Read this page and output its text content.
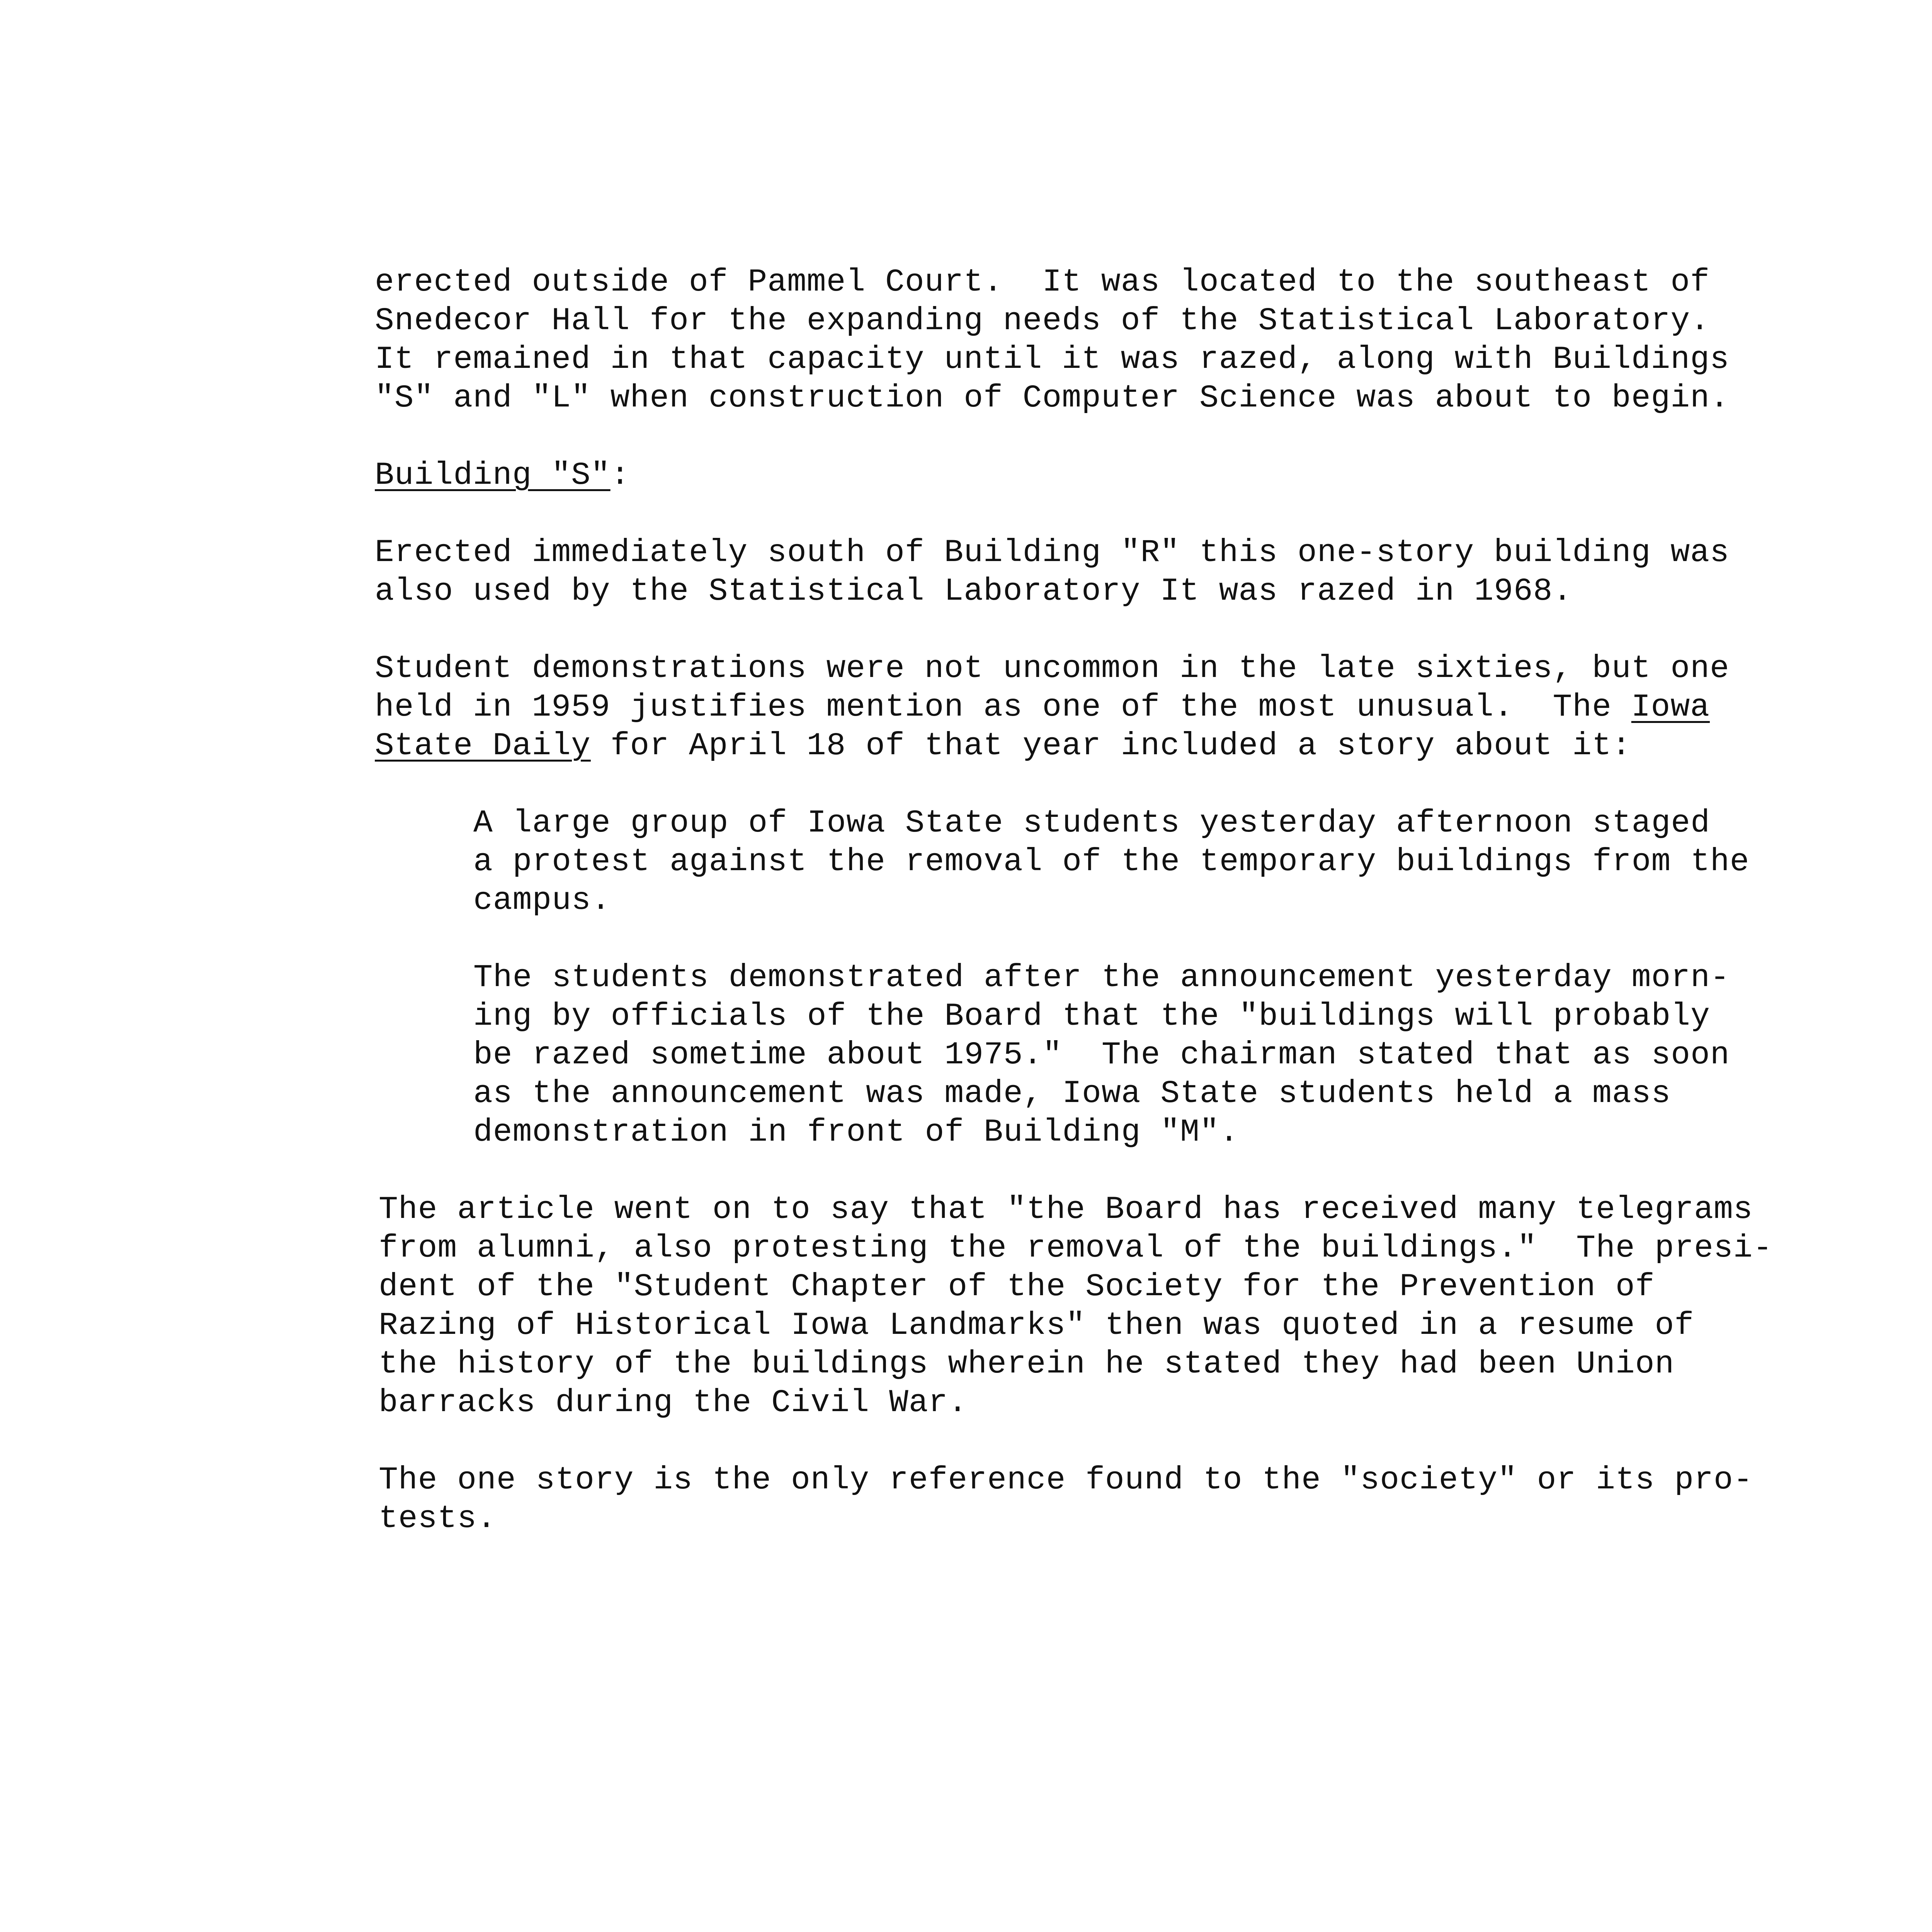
erected outside of Pammel Court.  It was located to the southeast of
Snedecor Hall for the expanding needs of the Statistical Laboratory.
It remained in that capacity until it was razed, along with Buildings
"S" and "L" when construction of Computer Science was about to begin.
Building "S":
Erected immediately south of Building "R" this one-story building was
also used by the Statistical Laboratory It was razed in 1968.
Student demonstrations were not uncommon in the late sixties, but one
held in 1959 justifies mention as one of the most unusual.  The Iowa
State Daily for April 18 of that year included a story about it:
A large group of Iowa State students yesterday afternoon staged
a protest against the removal of the temporary buildings from the
campus.
The students demonstrated after the announcement yesterday morn-
ing by officials of the Board that the "buildings will probably
be razed sometime about 1975."  The chairman stated that as soon
as the announcement was made, Iowa State students held a mass
demonstration in front of Building "M".
The article went on to say that "the Board has received many telegrams
from alumni, also protesting the removal of the buildings."  The presi-
dent of the "Student Chapter of the Society for the Prevention of
Razing of Historical Iowa Landmarks" then was quoted in a resume of
the history of the buildings wherein he stated they had been Union
barracks during the Civil War.
The one story is the only reference found to the "society" or its pro-
tests.
